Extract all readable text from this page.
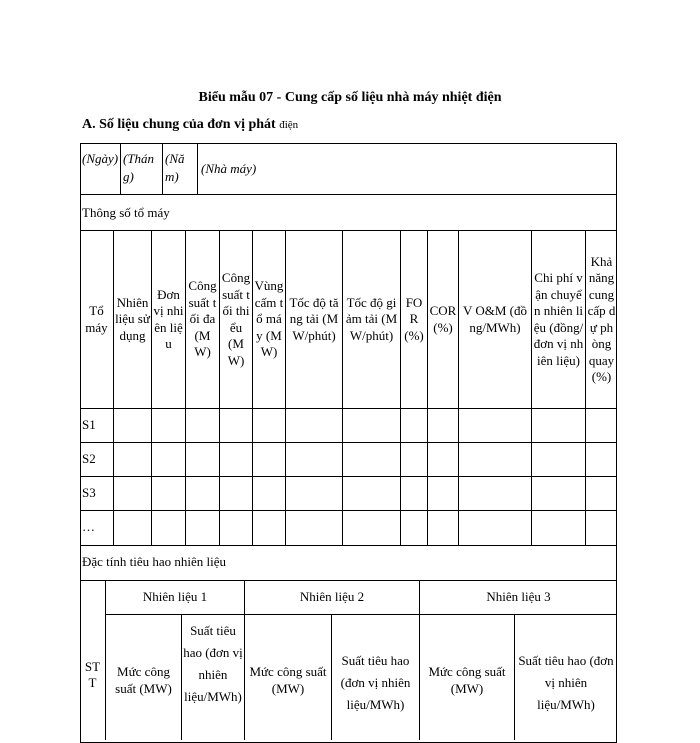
Biểu mẫu 07 - Cung cấp số liệu nhà máy nhiệt điện
A. Số liệu chung của đơn vị phát điện
(Ngày) (Tháng)
(Năm)
(Nhà máy)
Thông số tổ máy
Tổ máy
Nhiên liệu sử dụng
Đơn vị nhiên liệu
Công suất tối đa (MW)
Công suất tối thiểu (MW)
Vùng cấm tổ máy (MW)
Tốc độ tăng tải (MW/phút)
Tốc độ giảm tải (MW/phút)
FOR (%)
COR (%)
V O&M (đồng/MWh)
Chi phí vận chuyển nhiên liệu (đồng/đơn vị nhiên liệu)
Khả năng cung cấp dự phòng quay (%)
S1
S2
S3
…
Đặc tính tiêu hao nhiên liệu
Nhiên liệu 1	Nhiên liệu 2	Nhiên liệu 3
STT
Mức công suất (MW)
Suất tiêu hao (đơn vị nhiên liệu/MWh)
Mức công suất (MW)
Suất tiêu hao (đơn vị nhiên liệu/MWh)
Mức công suất (MW)
Suất tiêu hao (đơn vị nhiên liệu/MWh)
